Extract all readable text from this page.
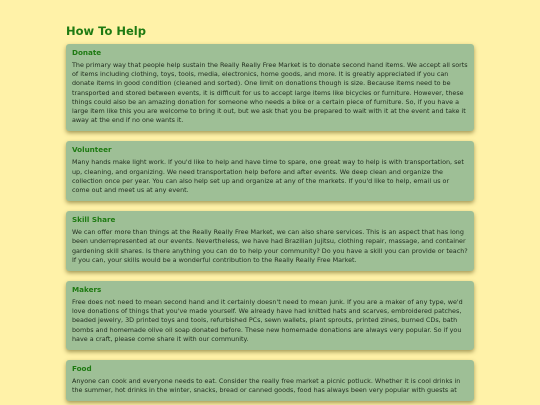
How To Help
Donate
The primary way that people help sustain the Really Really Free Market is to donate second hand items. We accept all sorts of items including clothing, toys, tools, media, electronics, home goods, and more. It is greatly appreciated if you can donate items in good condition (cleaned and sorted). One limit on donations though is size. Because items need to be transported and stored between events, it is difficult for us to accept large items like bicycles or furniture. However, these things could also be an amazing donation for someone who needs a bike or a certain piece of furniture. So, if you have a large item like this you are welcome to bring it out, but we ask that you be prepared to wait with it at the event and take it away at the end if no one wants it.
Volunteer
Many hands make light work. If you'd like to help and have time to spare, one great way to help is with transportation, set up, cleaning, and organizing. We need transportation help before and after events. We deep clean and organize the collection once per year. You can also help set up and organize at any of the markets. If you'd like to help, email us or come out and meet us at any event.
Skill Share
We can offer more than things at the Really Really Free Market, we can also share services. This is an aspect that has long been underrepresented at our events. Nevertheless, we have had Brazilian Jujitsu, clothing repair, massage, and container gardening skill shares. Is there anything you can do to help your community? Do you have a skill you can provide or teach? If you can, your skills would be a wonderful contribution to the Really Really Free Market.
Makers
Free does not need to mean second hand and it certainly doesn't need to mean junk. If you are a maker of any type, we'd love donations of things that you've made yourself. We already have had knitted hats and scarves, embroidered patches, beaded jewelry, 3D printed toys and tools, refurbished PCs, sewn wallets, plant sprouts, printed zines, burned CDs, bath bombs and homemade olive oil soap donated before. These new homemade donations are always very popular. So if you have a craft, please come share it with our community.
Food
Anyone can cook and everyone needs to eat. Consider the really free market a picnic potluck. Whether it is cool drinks in the summer, hot drinks in the winter, snacks, bread or canned goods, food has always been very popular with guests at
